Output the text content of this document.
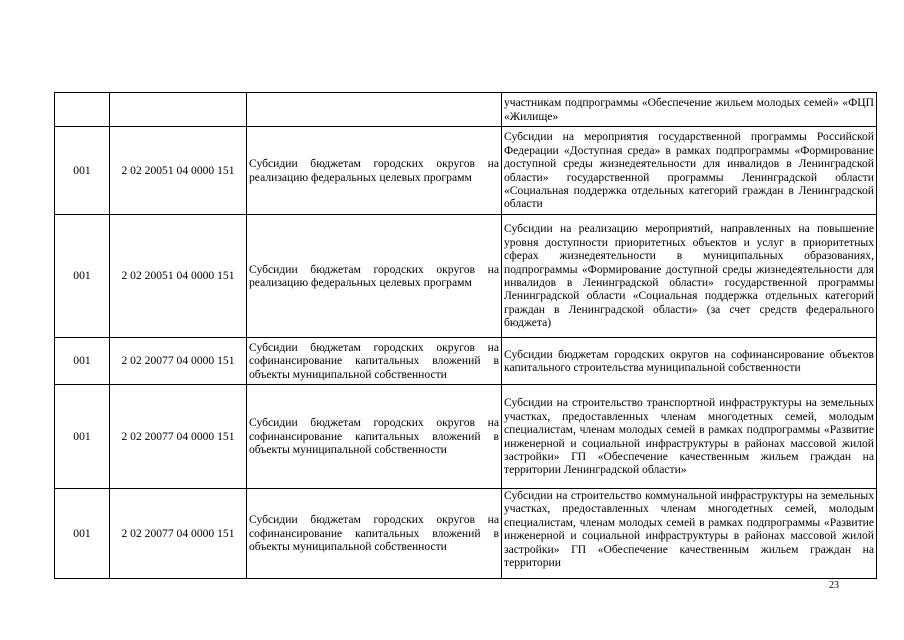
			участникам подпрограммы «Обеспечение жильем молодых семей» «ФЦП «Жилище»
001	2 02 20051 04 0000 151	Субсидии бюджетам городских округов на реализацию федеральных целевых программ	Субсидии на мероприятия государственной программы Российской Федерации «Доступная среда» в рамках подпрограммы «Формирование доступной среды жизнедеятельности для инвалидов в Ленинградской области» государственной программы Ленинградской области «Социальная поддержка отдельных категорий граждан в Ленинградской области
001	2 02 20051 04 0000 151	Субсидии бюджетам городских округов на реализацию федеральных целевых программ	Субсидии на реализацию мероприятий, направленных на повышение уровня доступности приоритетных объектов и услуг в приоритетных сферах жизнедеятельности в муниципальных образованиях, подпрограммы «Формирование доступной среды жизнедеятельности для инвалидов в Ленинградской области» государственной программы Ленинградской области «Социальная поддержка отдельных категорий граждан в Ленинградской области» (за счет средств федерального бюджета)
001	2 02 20077 04 0000 151	Субсидии бюджетам городских округов на софинансирование капитальных вложений в объекты муниципальной собственности	Субсидии бюджетам городских округов на софинансирование объектов капитального строительства муниципальной собственности
001	2 02 20077 04 0000 151	Субсидии бюджетам городских округов на софинансирование капитальных вложений в объекты муниципальной собственности	Субсидии на строительство транспортной инфраструктуры на земельных участках, предоставленных членам многодетных семей, молодым специалистам, членам молодых семей в рамках подпрограммы «Развитие инженерной и социальной инфраструктуры в районах массовой жилой застройки» ГП «Обеспечение качественным жильем граждан на территории Ленинградской области»
001	2 02 20077 04 0000 151	Субсидии бюджетам городских округов на софинансирование капитальных вложений в объекты муниципальной собственности	Субсидии на строительство коммунальной инфраструктуры на земельных участках, предоставленных членам многодетных семей, молодым специалистам, членам молодых семей в рамках подпрограммы «Развитие инженерной и социальной инфраструктуры в районах массовой жилой застройки» ГП «Обеспечение качественным жильем граждан на территории
23
